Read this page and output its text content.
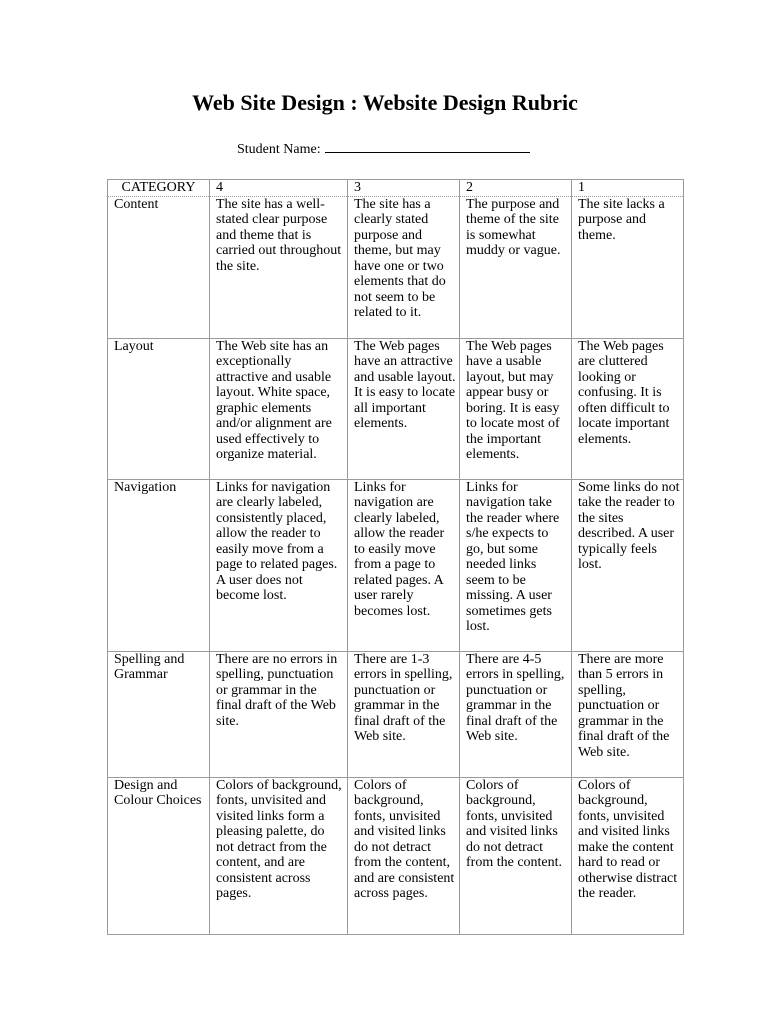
Web Site Design : Website Design Rubric
Student Name:
CATEGORY	4	3	2	1
Content	The site has a well-stated clear purpose and theme that is carried out throughout the site.	The site has a clearly stated purpose and theme, but may have one or two elements that do not seem to be related to it.	The purpose and theme of the site is somewhat muddy or vague.	The site lacks a purpose and theme.
Layout	The Web site has an exceptionally attractive and usable layout. White space, graphic elements and/or alignment are used effectively to organize material.	The Web pages have an attractive and usable layout. It is easy to locate all important elements.	The Web pages have a usable layout, but may appear busy or boring. It is easy to locate most of the important elements.	The Web pages are cluttered looking or confusing. It is often difficult to locate important elements.
Navigation	Links for navigation are clearly labeled, consistently placed, allow the reader to easily move from a page to related pages. A user does not become lost.	Links for navigation are clearly labeled, allow the reader to easily move from a page to related pages. A user rarely becomes lost.	Links for navigation take the reader where s/he expects to go, but some needed links seem to be missing. A user sometimes gets lost.	Some links do not take the reader to the sites described. A user typically feels lost.
Spelling and Grammar	There are no errors in spelling, punctuation or grammar in the final draft of the Web site.	There are 1-3 errors in spelling, punctuation or grammar in the final draft of the Web site.	There are 4-5 errors in spelling, punctuation or grammar in the final draft of the Web site.	There are more than 5 errors in spelling, punctuation or grammar in the final draft of the Web site.
Design and Colour Choices	Colors of background, fonts, unvisited and visited links form a pleasing palette, do not detract from the content, and are consistent across pages.	Colors of background, fonts, unvisited and visited links do not detract from the content, and are consistent across pages.	Colors of background, fonts, unvisited and visited links do not detract from the content.	Colors of background, fonts, unvisited and visited links make the content hard to read or otherwise distract the reader.
